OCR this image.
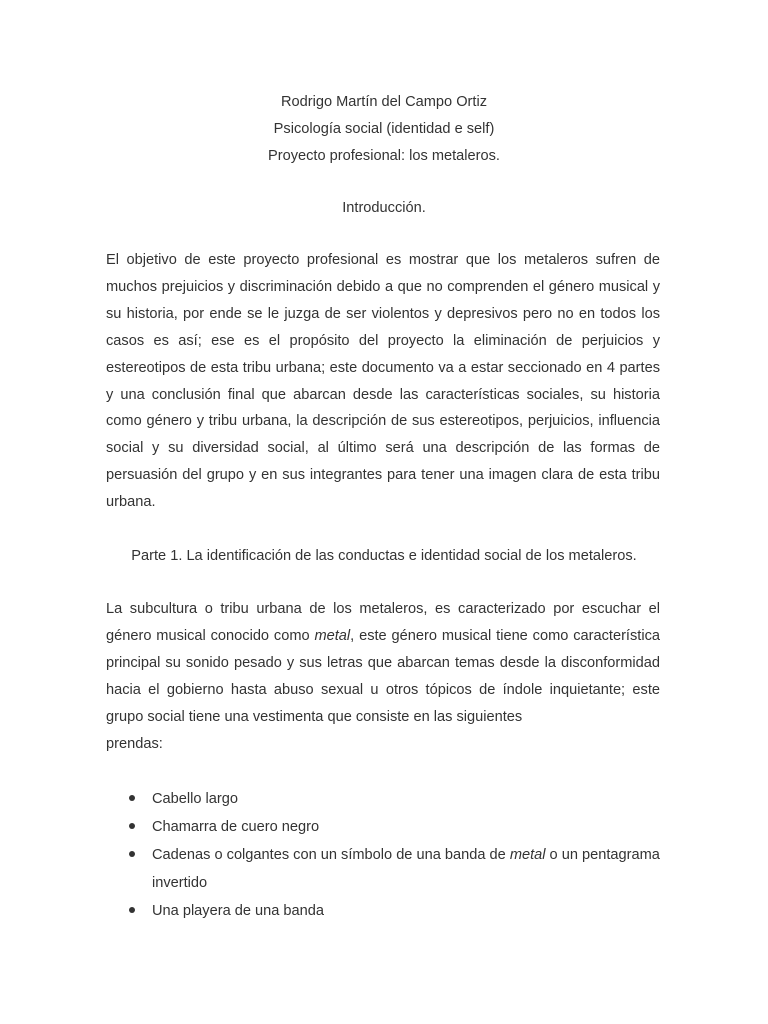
Rodrigo Martín del Campo Ortiz
Psicología social (identidad e self)
Proyecto profesional: los metaleros.
Introducción.

El objetivo de este proyecto profesional es mostrar que los metaleros sufren de muchos prejuicios y discriminación debido a que no comprenden el género musical y su historia, por ende se le juzga de ser violentos y depresivos pero no en todos los casos es así; ese es el propósito del proyecto la eliminación de perjuicios y estereotipos de esta tribu urbana; este documento va a estar seccionado en 4 partes y una conclusión final que abarcan desde las características sociales, su historia como género y tribu urbana, la descripción de sus estereotipos, perjuicios, influencia social y su diversidad social, al último será una descripción de las formas de persuasión del grupo y en sus integrantes para tener una imagen clara de esta tribu urbana.

Parte 1. La identificación de las conductas e identidad social de los metaleros.

La subcultura o tribu urbana de los metaleros, es caracterizado por escuchar el género musical conocido como metal, este género musical tiene como característica principal su sonido pesado y sus letras que abarcan temas desde la disconformidad hacia el gobierno hasta abuso sexual u otros tópicos de índole inquietante; este grupo social tiene una vestimenta que consiste en las siguientes
prendas:

Cabello largo
Chamarra de cuero negro
Cadenas o colgantes con un símbolo de una banda de metal o un pentagrama invertido
Una playera de una banda
